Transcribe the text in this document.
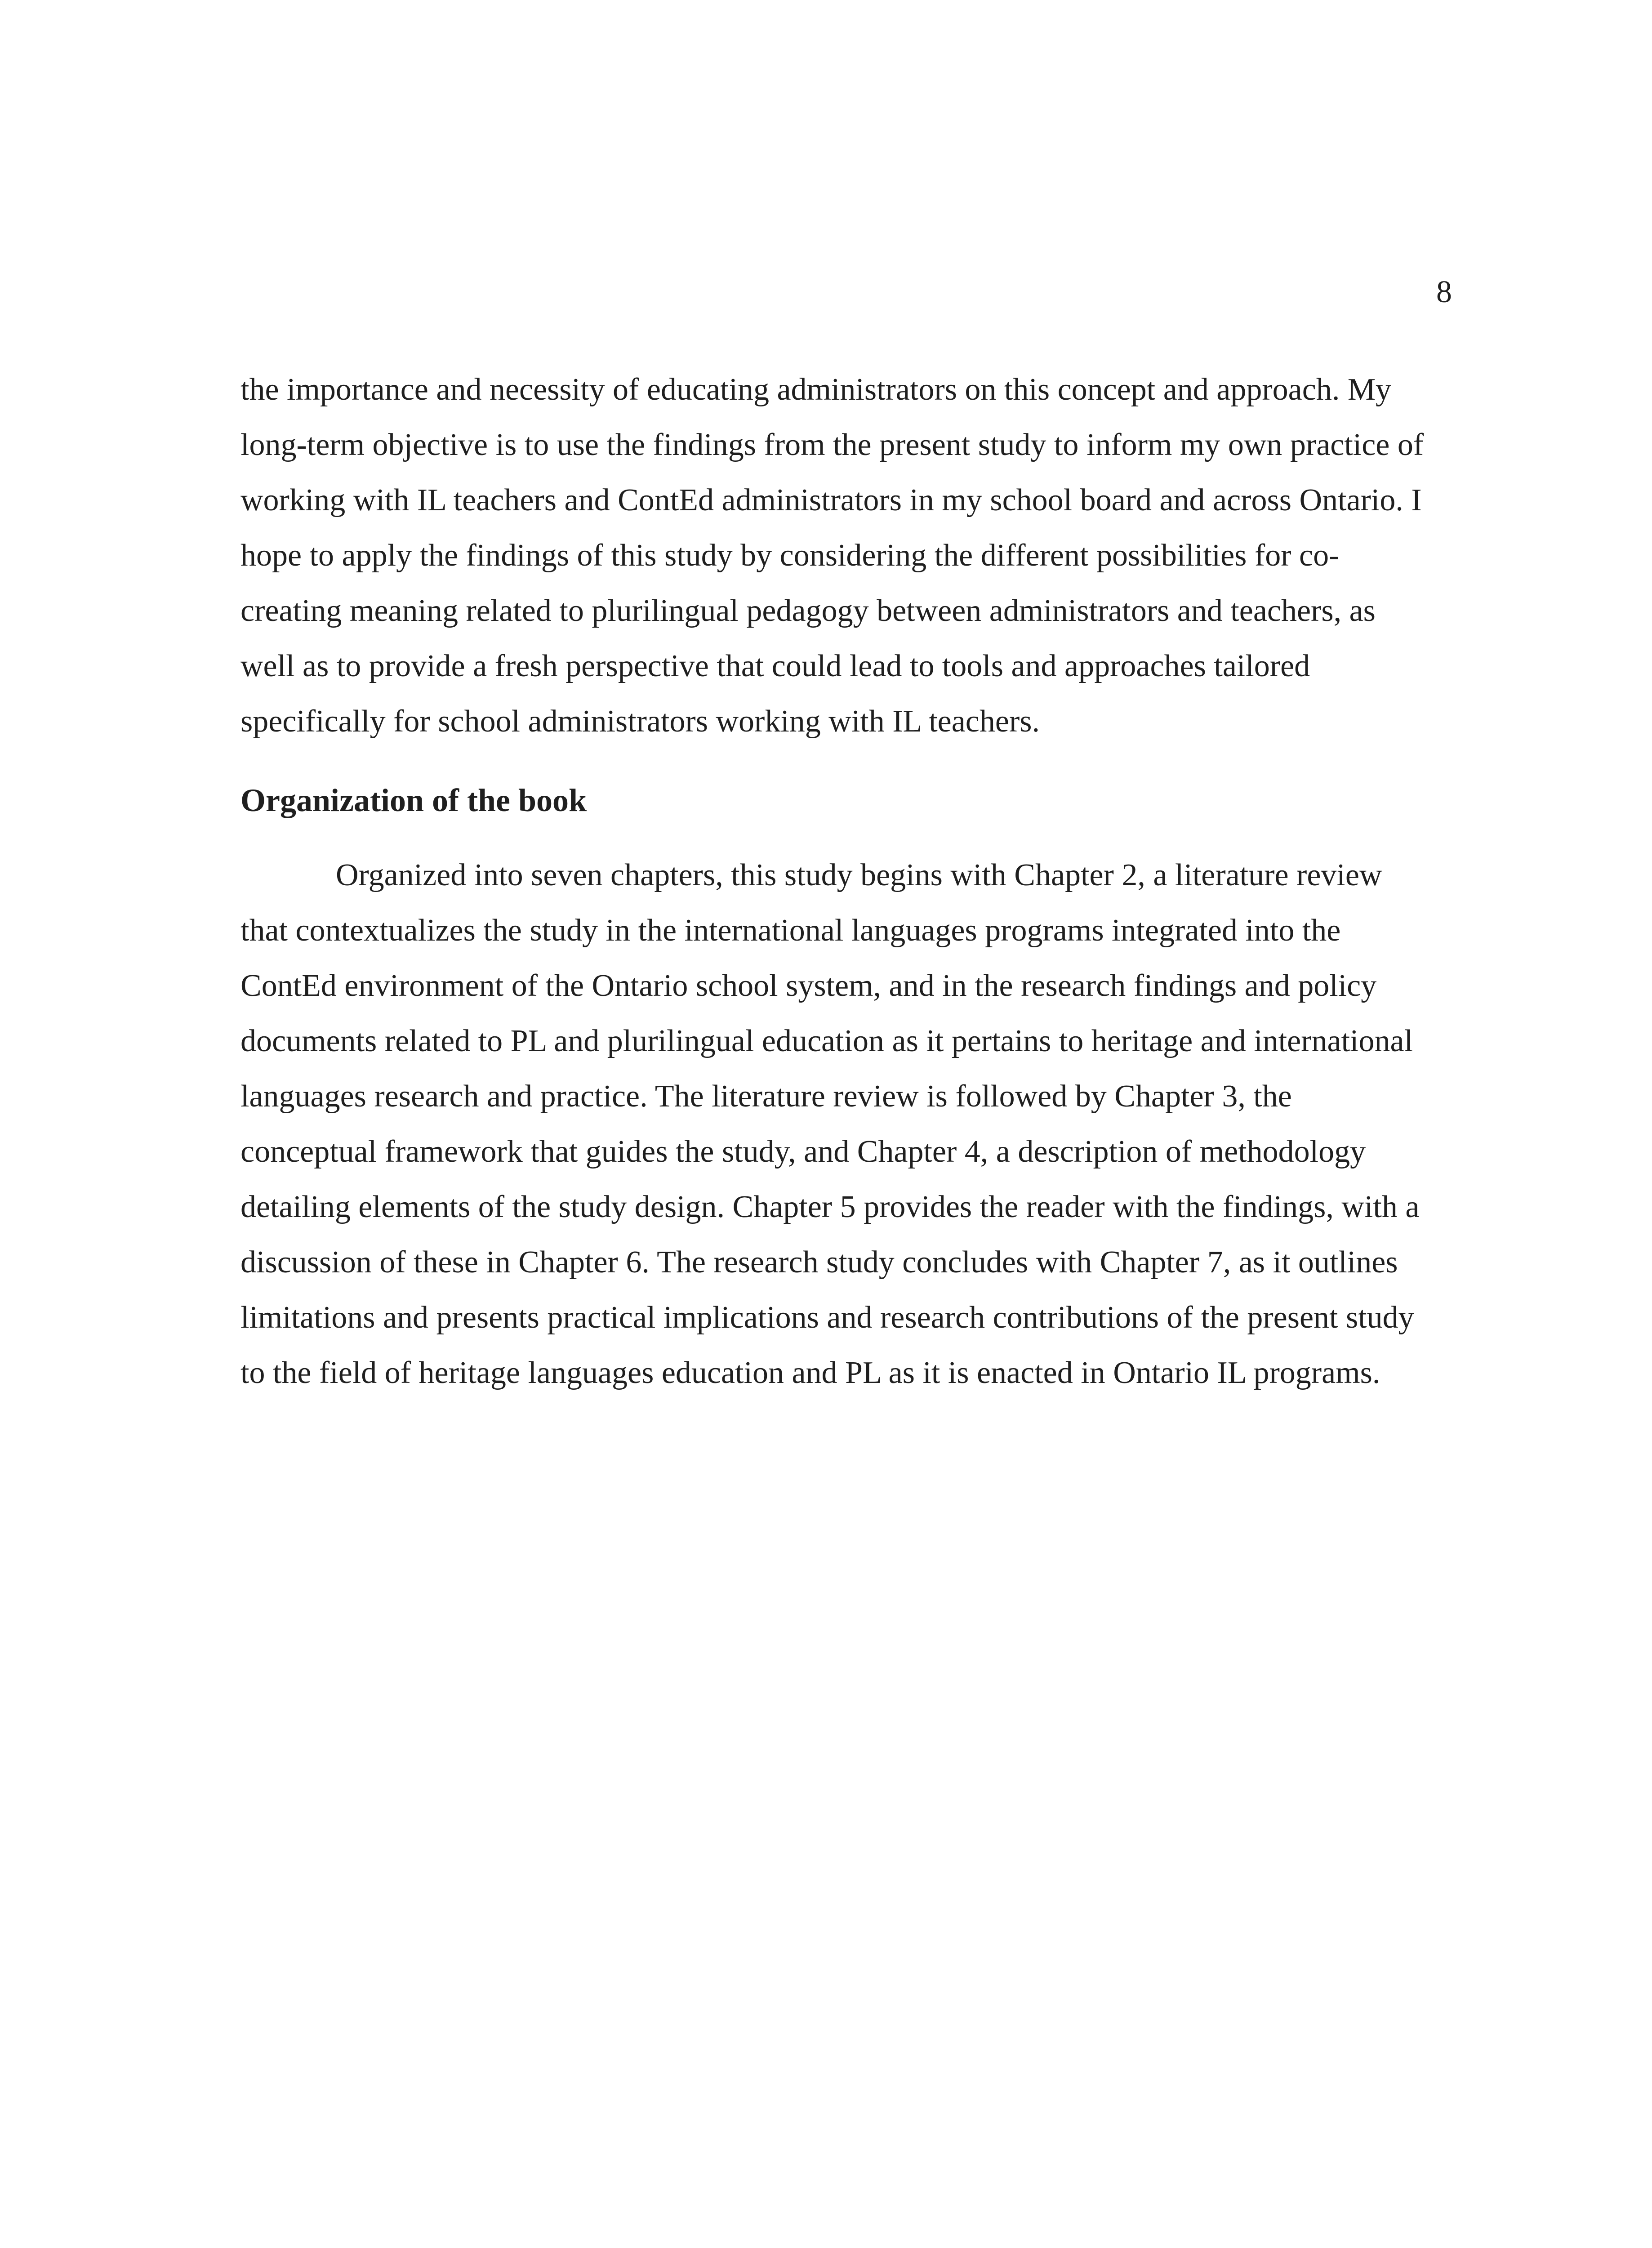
8
the importance and necessity of educating administrators on this concept and approach. My
long-term objective is to use the findings from the present study to inform my own practice of
working with IL teachers and ContEd administrators in my school board and across Ontario. I
hope to apply the findings of this study by considering the different possibilities for co-
creating meaning related to plurilingual pedagogy between administrators and teachers, as
well as to provide a fresh perspective that could lead to tools and approaches tailored
specifically for school administrators working with IL teachers.
Organization of the book
Organized into seven chapters, this study begins with Chapter 2, a literature review
that contextualizes the study in the international languages programs integrated into the
ContEd environment of the Ontario school system, and in the research findings and policy
documents related to PL and plurilingual education as it pertains to heritage and international
languages research and practice. The literature review is followed by Chapter 3, the
conceptual framework that guides the study, and Chapter 4, a description of methodology
detailing elements of the study design. Chapter 5 provides the reader with the findings, with a
discussion of these in Chapter 6. The research study concludes with Chapter 7, as it outlines
limitations and presents practical implications and research contributions of the present study
to the field of heritage languages education and PL as it is enacted in Ontario IL programs.
